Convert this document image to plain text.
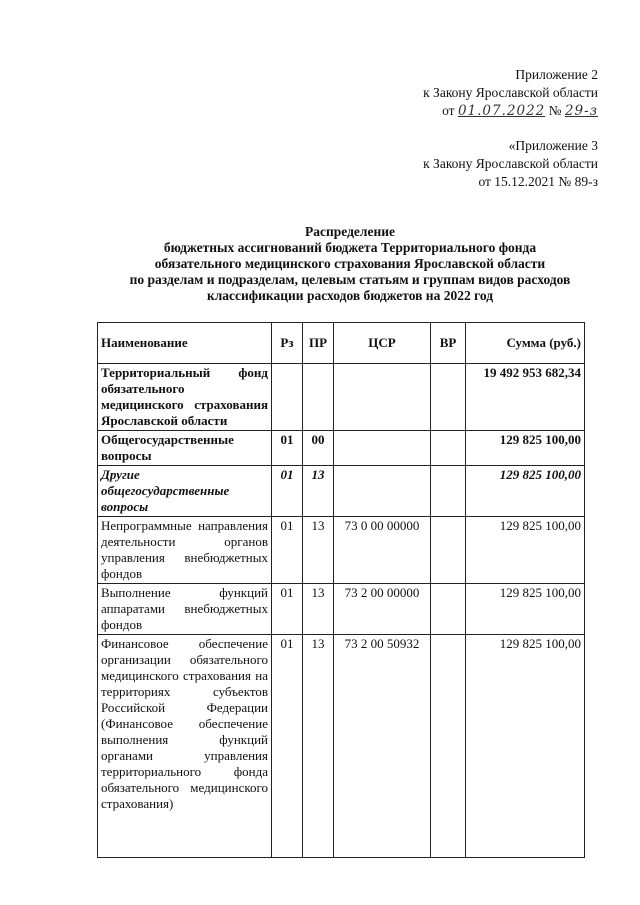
Приложение 2
к Закону Ярославской области
от 01.07.2022 № 29-з
«Приложение 3
к Закону Ярославской области
от 15.12.2021 № 89-з
Распределение
бюджетных ассигнований бюджета Территориального фонда
обязательного медицинского страхования Ярославской области
по разделам и подразделам, целевым статьям и группам видов расходов
классификации расходов бюджетов на 2022 год
Наименование	Рз	ПР	ЦСР	ВР	Сумма (руб.)
Территориальный фонд обязательного медицинского страхования Ярославской области					19 492 953 682,34
Общегосударственные вопросы	01	00			129 825 100,00
Другие общегосударственные вопросы	01	13			129 825 100,00
Непрограммные направления деятельности органов управления внебюджетных фондов	01	13	73 0 00 00000		129 825 100,00
Выполнение функций аппаратами внебюджетных фондов	01	13	73 2 00 00000		129 825 100,00
Финансовое обеспечение организации обязательного медицинского страхования на территориях субъектов Российской Федерации (Финансовое обеспечение выполнения функций органами управления территориального фонда обязательного медицинского страхования)	01	13	73 2 00 50932		129 825 100,00
